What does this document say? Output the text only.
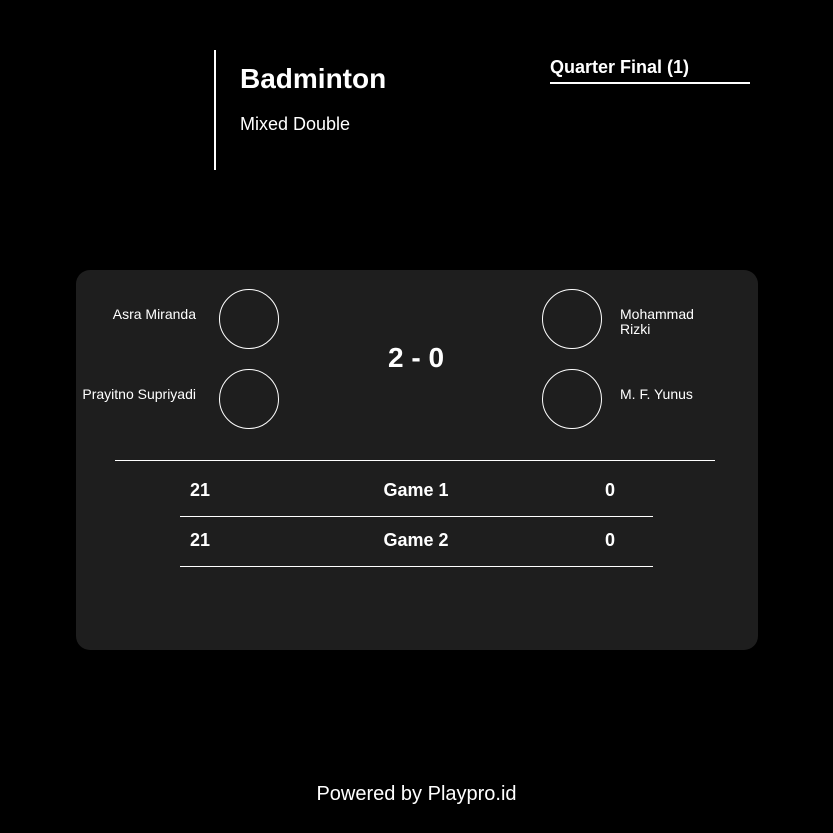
Badminton
Mixed Double
Quarter Final (1)
Asra Miranda
Prayitno Supriyadi
Mohammad Rizki
M. F. Yunus
2 - 0
21	Game 1	0
21	Game 2	0
Powered by Playpro.id
